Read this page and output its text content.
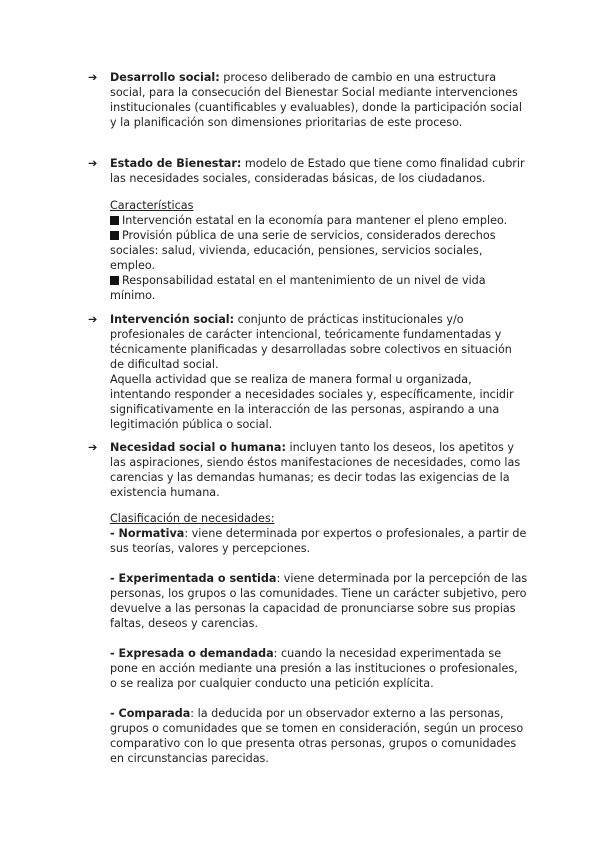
➔ Desarrollo social: proceso deliberado de cambio en una estructura social, para la consecución del Bienestar Social mediante intervenciones institucionales (cuantificables y evaluables), donde la participación social y la planificación son dimensiones prioritarias de este proceso.
➔ Estado de Bienestar: modelo de Estado que tiene como finalidad cubrir las necesidades sociales, consideradas básicas, de los ciudadanos.

Características

Intervención estatal en la economía para mantener el pleno empleo.

Provisión pública de una serie de servicios, considerados derechos sociales: salud, vivienda, educación, pensiones, servicios sociales, empleo.

Responsabilidad estatal en el mantenimiento de un nivel de vida mínimo.

➔ Intervención social: conjunto de prácticas institucionales y/o profesionales de carácter intencional, teóricamente fundamentadas y técnicamente planificadas y desarrolladas sobre colectivos en situación de dificultad social.

Aquella actividad que se realiza de manera formal u organizada, intentando responder a necesidades sociales y, específicamente, incidir significativamente en la interacción de las personas, aspirando a una legitimación pública o social.

➔ Necesidad social o humana: incluyen tanto los deseos, los apetitos y las aspiraciones, siendo éstos manifestaciones de necesidades, como las carencias y las demandas humanas; es decir todas las exigencias de la existencia humana.

Clasificación de necesidades:

- Normativa: viene determinada por expertos o profesionales, a partir de sus teorías, valores y percepciones.

- Experimentada o sentida: viene determinada por la percepción de las personas, los grupos o las comunidades. Tiene un carácter subjetivo, pero devuelve a las personas la capacidad de pronunciarse sobre sus propias faltas, deseos y carencias.

- Expresada o demandada: cuando la necesidad experimentada se pone en acción mediante una presión a las instituciones o profesionales, o se realiza por cualquier conducto una petición explícita.

- Comparada: la deducida por un observador externo a las personas, grupos o comunidades que se tomen en consideración, según un proceso comparativo con lo que presenta otras personas, grupos o comunidades en circunstancias parecidas.
